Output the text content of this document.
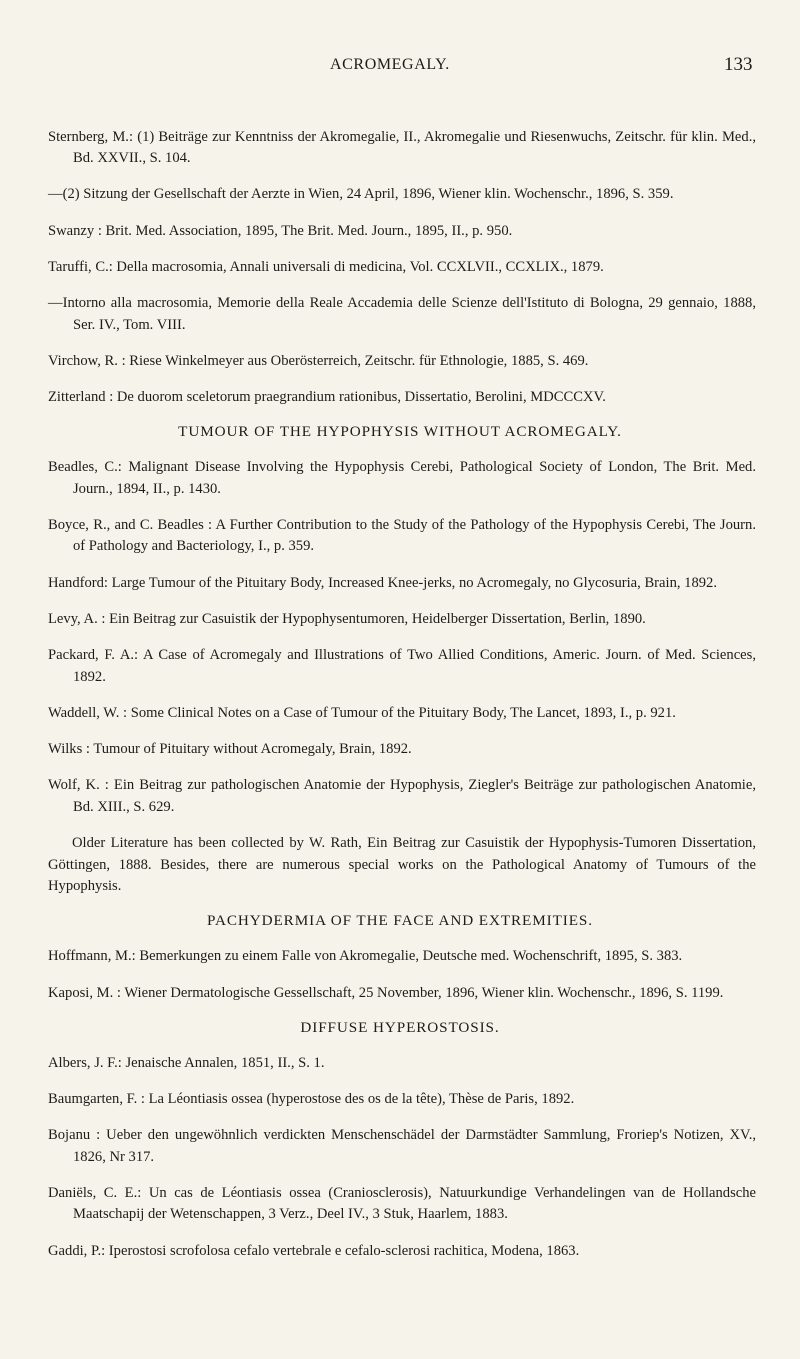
ACROMEGALY.	133

Sternberg, M.: (1) Beiträge zur Kenntniss der Akromegalie, II., Akromegalie und Riesenwuchs, Zeitschr. für klin. Med., Bd. XXVII., S. 104.

—(2) Sitzung der Gesellschaft der Aerzte in Wien, 24 April, 1896, Wiener klin. Wochenschr., 1896, S. 359.

Swanzy : Brit. Med. Association, 1895, The Brit. Med. Journ., 1895, II., p. 950.

Taruffi, C.: Della macrosomia, Annali universali di medicina, Vol. CCXLVII., CCXLIX., 1879.

—Intorno alla macrosomia, Memorie della Reale Accademia delle Scienze dell'Istituto di Bologna, 29 gennaio, 1888, Ser. IV., Tom. VIII.

Virchow, R. : Riese Winkelmeyer aus Oberösterreich, Zeitschr. für Ethnologie, 1885, S. 469.

Zitterland : De duorom sceletorum praegrandium rationibus, Dissertatio, Berolini, MDCCCXV.

TUMOUR OF THE HYPOPHYSIS WITHOUT ACROMEGALY.

Beadles, C.: Malignant Disease Involving the Hypophysis Cerebi, Pathological Society of London, The Brit. Med. Journ., 1894, II., p. 1430.

Boyce, R., and C. Beadles : A Further Contribution to the Study of the Pathology of the Hypophysis Cerebi, The Journ. of Pathology and Bacteriology, I., p. 359.

Handford: Large Tumour of the Pituitary Body, Increased Knee-jerks, no Acromegaly, no Glycosuria, Brain, 1892.

Levy, A. : Ein Beitrag zur Casuistik der Hypophysentumoren, Heidelberger Dissertation, Berlin, 1890.

Packard, F. A.: A Case of Acromegaly and Illustrations of Two Allied Conditions, Americ. Journ. of Med. Sciences, 1892.

Waddell, W. : Some Clinical Notes on a Case of Tumour of the Pituitary Body, The Lancet, 1893, I., p. 921.

Wilks : Tumour of Pituitary without Acromegaly, Brain, 1892.

Wolf, K. : Ein Beitrag zur pathologischen Anatomie der Hypophysis, Ziegler's Beiträge zur pathologischen Anatomie, Bd. XIII., S. 629.

Older Literature has been collected by W. Rath, Ein Beitrag zur Casuistik der Hypophysis-Tumoren Dissertation, Göttingen, 1888. Besides, there are numerous special works on the Pathological Anatomy of Tumours of the Hypophysis.

PACHYDERMIA OF THE FACE AND EXTREMITIES.

Hoffmann, M.: Bemerkungen zu einem Falle von Akromegalie, Deutsche med. Wochenschrift, 1895, S. 383.

Kaposi, M. : Wiener Dermatologische Gessellschaft, 25 November, 1896, Wiener klin. Wochenschr., 1896, S. 1199.

DIFFUSE HYPEROSTOSIS.

Albers, J. F.: Jenaische Annalen, 1851, II., S. 1.

Baumgarten, F. : La Léontiasis ossea (hyperostose des os de la tête), Thèse de Paris, 1892.

Bojanu : Ueber den ungewöhnlich verdickten Menschenschädel der Darmstädter Sammlung, Froriep's Notizen, XV., 1826, Nr 317.

Daniëls, C. E.: Un cas de Léontiasis ossea (Craniosclerosis), Natuurkundige Verhandelingen van de Hollandsche Maatschapij der Wetenschappen, 3 Verz., Deel IV., 3 Stuk, Haarlem, 1883.

Gaddi, P.: Iperostosi scrofolosa cefalo vertebrale e cefalo-sclerosi rachitica, Modena, 1863.
